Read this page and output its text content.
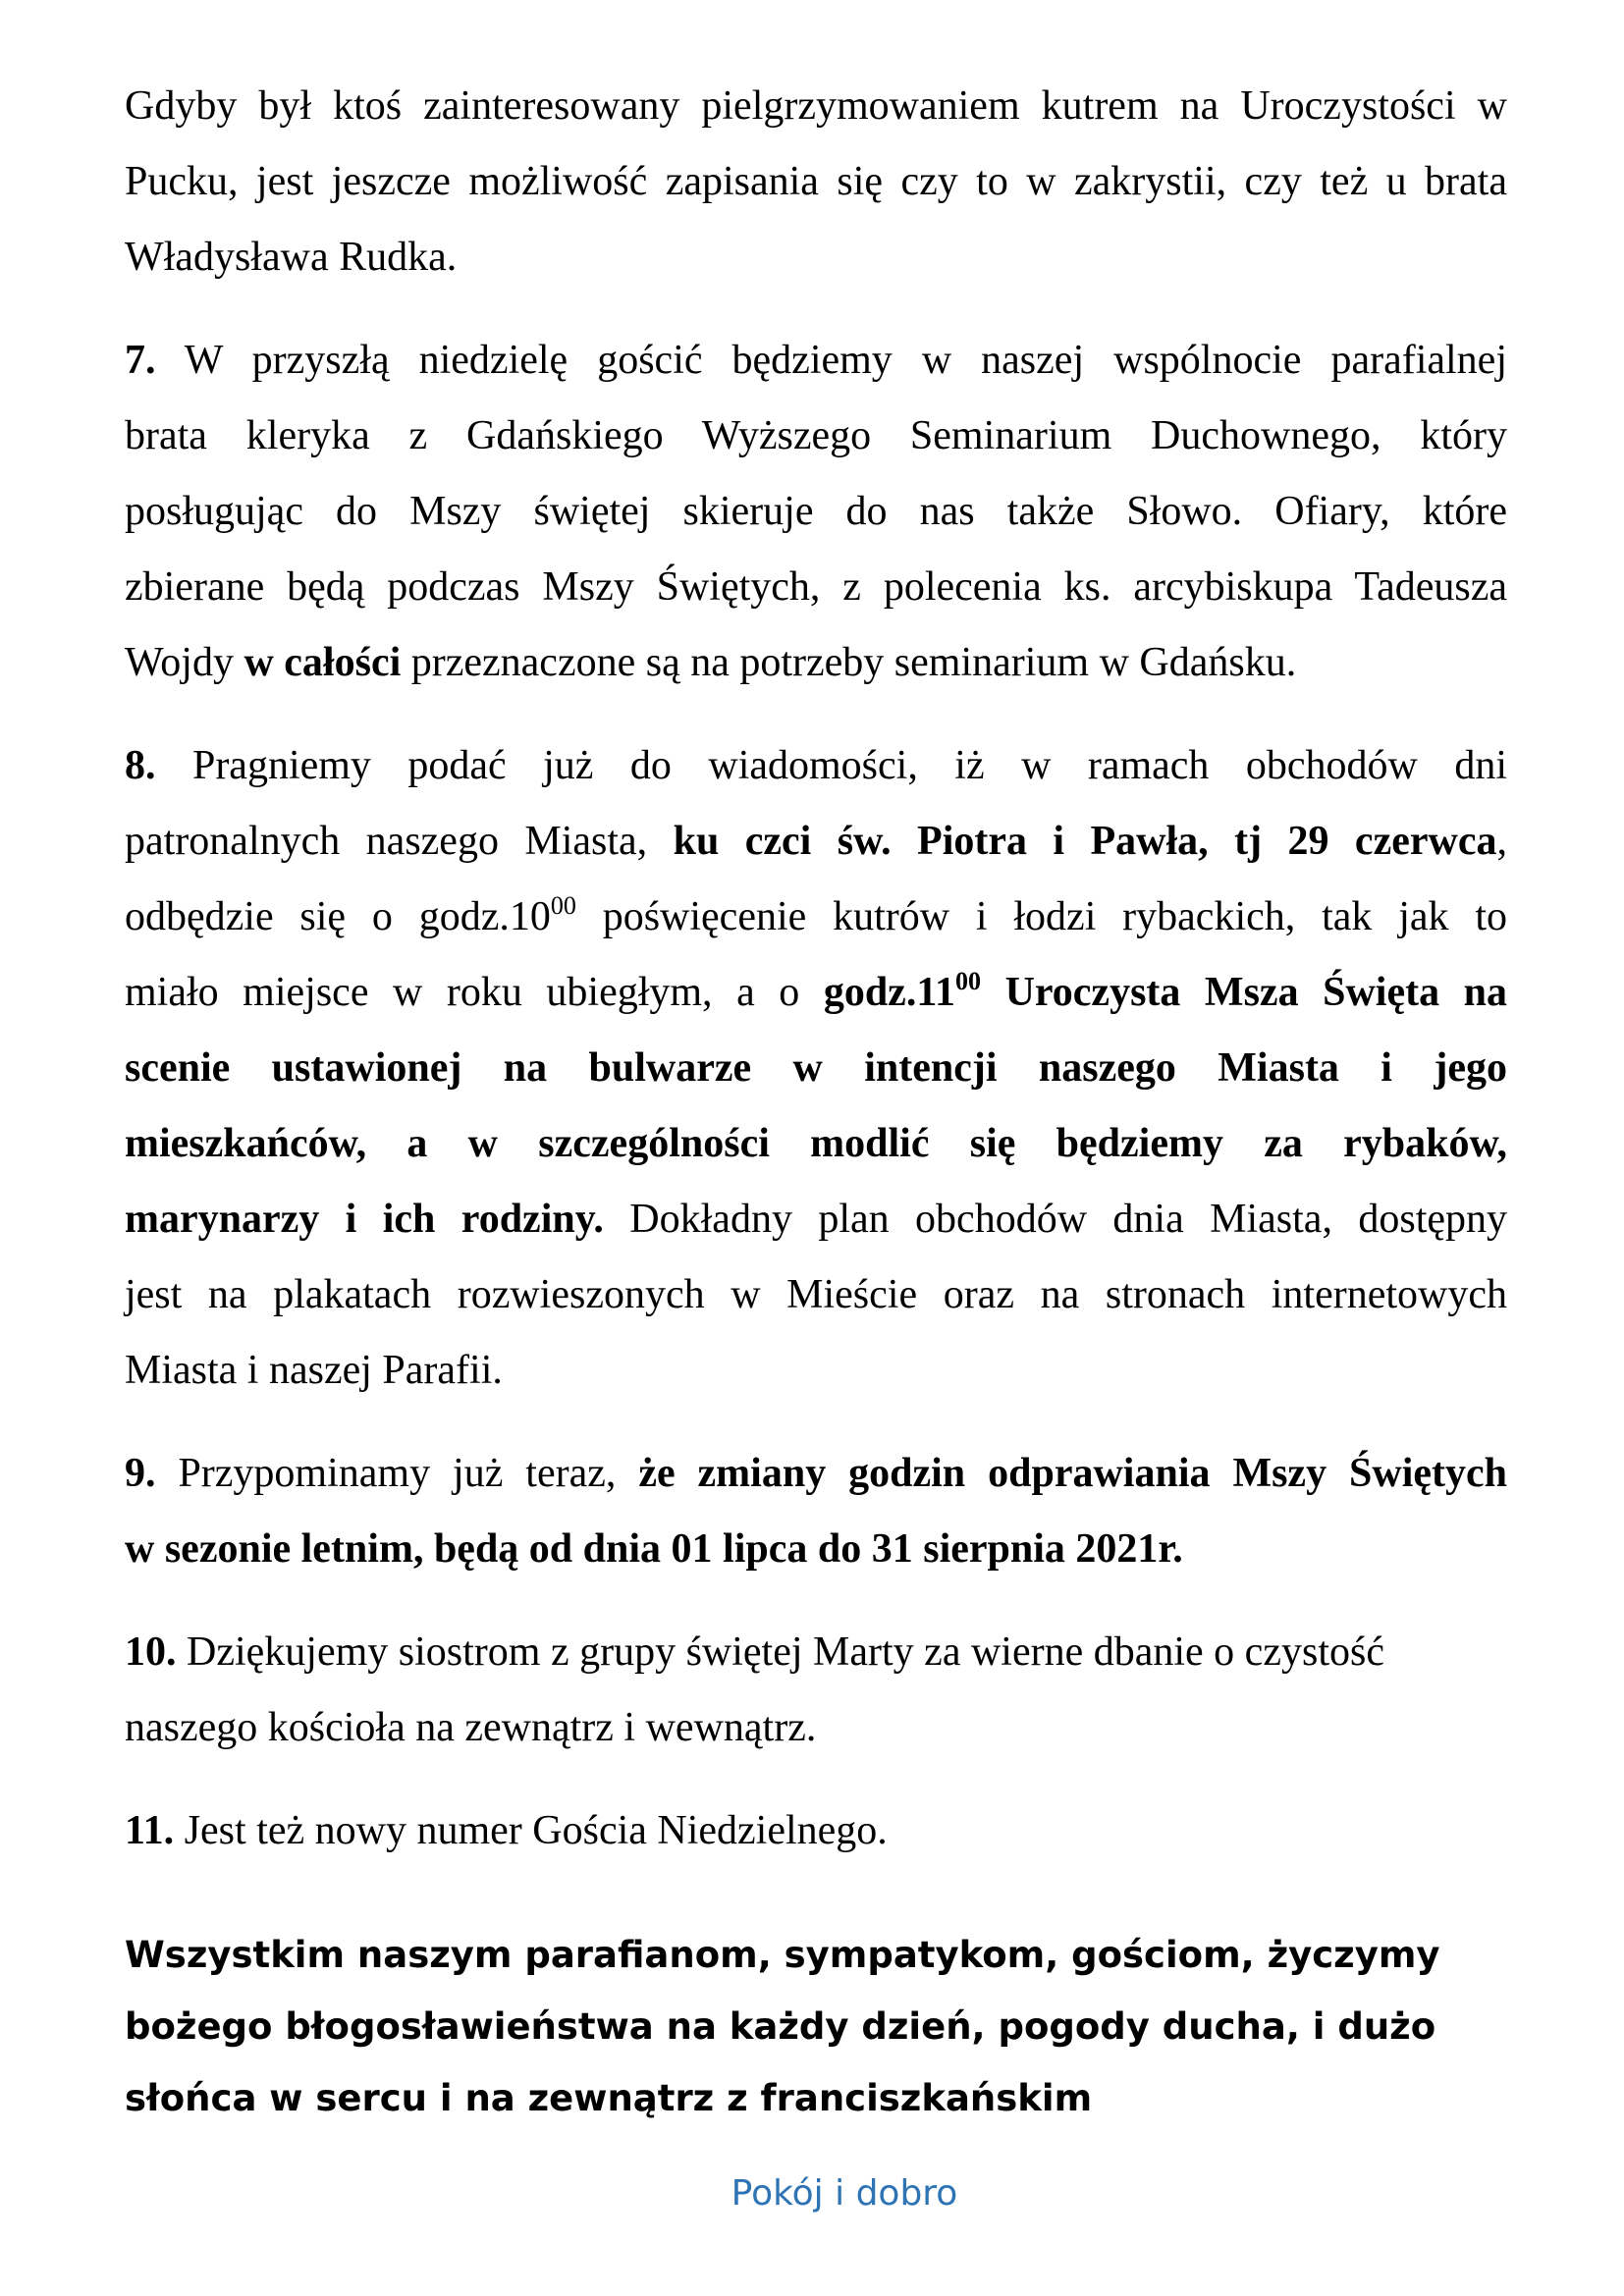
Gdyby był ktoś zainteresowany pielgrzymowaniem kutrem na Uroczystości w
Pucku, jest jeszcze możliwość zapisania się czy to w zakrystii, czy też u brata
Władysława Rudka.
7. W przyszłą niedzielę gościć będziemy w naszej wspólnocie parafialnej
brata kleryka z Gdańskiego Wyższego Seminarium Duchownego, który
posługując do Mszy świętej skieruje do nas także Słowo. Ofiary, które
zbierane będą podczas Mszy Świętych, z polecenia ks. arcybiskupa Tadeusza
Wojdy w całości przeznaczone są na potrzeby seminarium w Gdańsku.
8. Pragniemy podać już do wiadomości, iż w ramach obchodów dni
patronalnych naszego Miasta, ku czci św. Piotra i Pawła, tj 29 czerwca,
odbędzie się o $godz.10^{00}$ poświęcenie kutrów i łodzi rybackich, tak jak to
miało miejsce w roku ubiegłym, a o $godz.11^{00}$ Uroczysta Msza Święta na
scenie ustawionej na bulwarze w intencji naszego Miasta i jego
mieszkańców, a w szczególności modlić się będziemy za rybaków,
marynarzy i ich rodziny. Dokładny plan obchodów dnia Miasta, dostępny
jest na plakatach rozwieszonych w Mieście oraz na stronach internetowych
Miasta i naszej Parafii.
9. Przypominamy już teraz, że zmiany godzin odprawiania Mszy Świętych
w sezonie letnim, będą od dnia 01 lipca do 31 sierpnia 2021r.
10. Dziękujemy siostrom z grupy świętej Marty za wierne dbanie o czystość
naszego kościoła na zewnątrz i wewnątrz.
11. Jest też nowy numer Gościa Niedzielnego.
Wszystkim naszym parafianom, sympatykom, gościom, życzymy
bożego błogosławieństwa na każdy dzień, pogody ducha, i dużo
słońca w sercu i na zewnątrz z franciszkańskim
Pokój i dobro
